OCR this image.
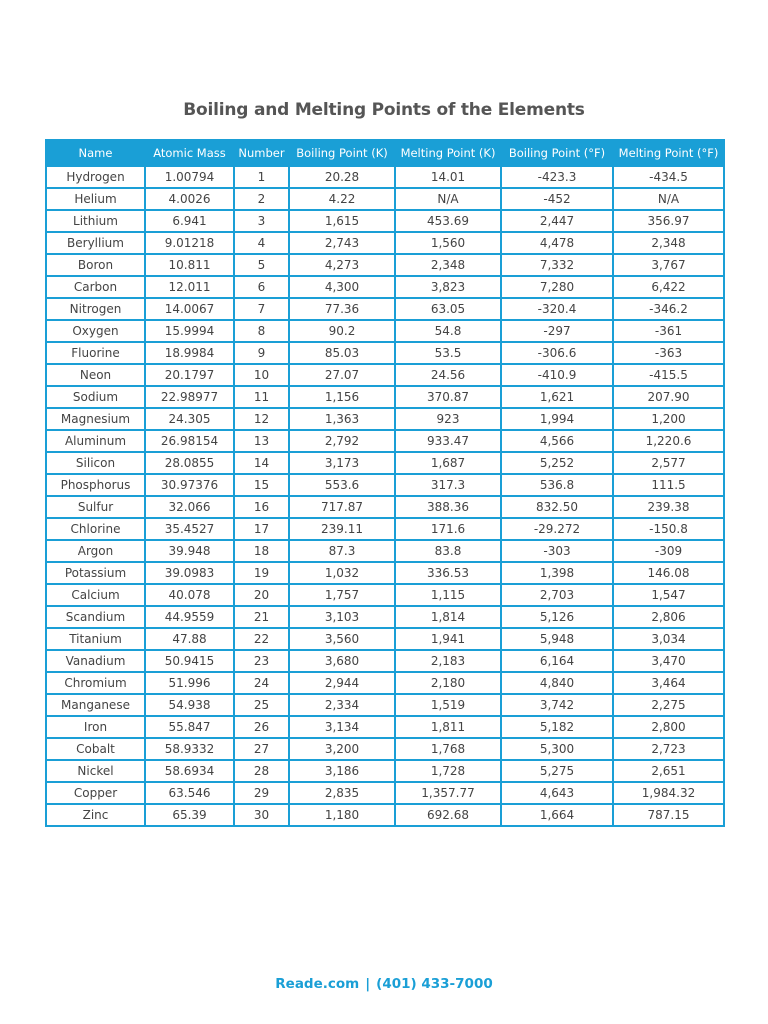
Boiling and Melting Points of the Elements
Name	Atomic Mass	Number	Boiling Point (K)	Melting Point (K)	Boiling Point (°F)	Melting Point (°F)
Hydrogen	1.00794	1	20.28	14.01	-423.3	-434.5
Helium	4.0026	2	4.22	N/A	-452	N/A
Lithium	6.941	3	1,615	453.69	2,447	356.97
Beryllium	9.01218	4	2,743	1,560	4,478	2,348
Boron	10.811	5	4,273	2,348	7,332	3,767
Carbon	12.011	6	4,300	3,823	7,280	6,422
Nitrogen	14.0067	7	77.36	63.05	-320.4	-346.2
Oxygen	15.9994	8	90.2	54.8	-297	-361
Fluorine	18.9984	9	85.03	53.5	-306.6	-363
Neon	20.1797	10	27.07	24.56	-410.9	-415.5
Sodium	22.98977	11	1,156	370.87	1,621	207.90
Magnesium	24.305	12	1,363	923	1,994	1,200
Aluminum	26.98154	13	2,792	933.47	4,566	1,220.6
Silicon	28.0855	14	3,173	1,687	5,252	2,577
Phosphorus	30.97376	15	553.6	317.3	536.8	111.5
Sulfur	32.066	16	717.87	388.36	832.50	239.38
Chlorine	35.4527	17	239.11	171.6	-29.272	-150.8
Argon	39.948	18	87.3	83.8	-303	-309
Potassium	39.0983	19	1,032	336.53	1,398	146.08
Calcium	40.078	20	1,757	1,115	2,703	1,547
Scandium	44.9559	21	3,103	1,814	5,126	2,806
Titanium	47.88	22	3,560	1,941	5,948	3,034
Vanadium	50.9415	23	3,680	2,183	6,164	3,470
Chromium	51.996	24	2,944	2,180	4,840	3,464
Manganese	54.938	25	2,334	1,519	3,742	2,275
Iron	55.847	26	3,134	1,811	5,182	2,800
Cobalt	58.9332	27	3,200	1,768	5,300	2,723
Nickel	58.6934	28	3,186	1,728	5,275	2,651
Copper	63.546	29	2,835	1,357.77	4,643	1,984.32
Zinc	65.39	30	1,180	692.68	1,664	787.15
Reade.com | (401) 433-7000
